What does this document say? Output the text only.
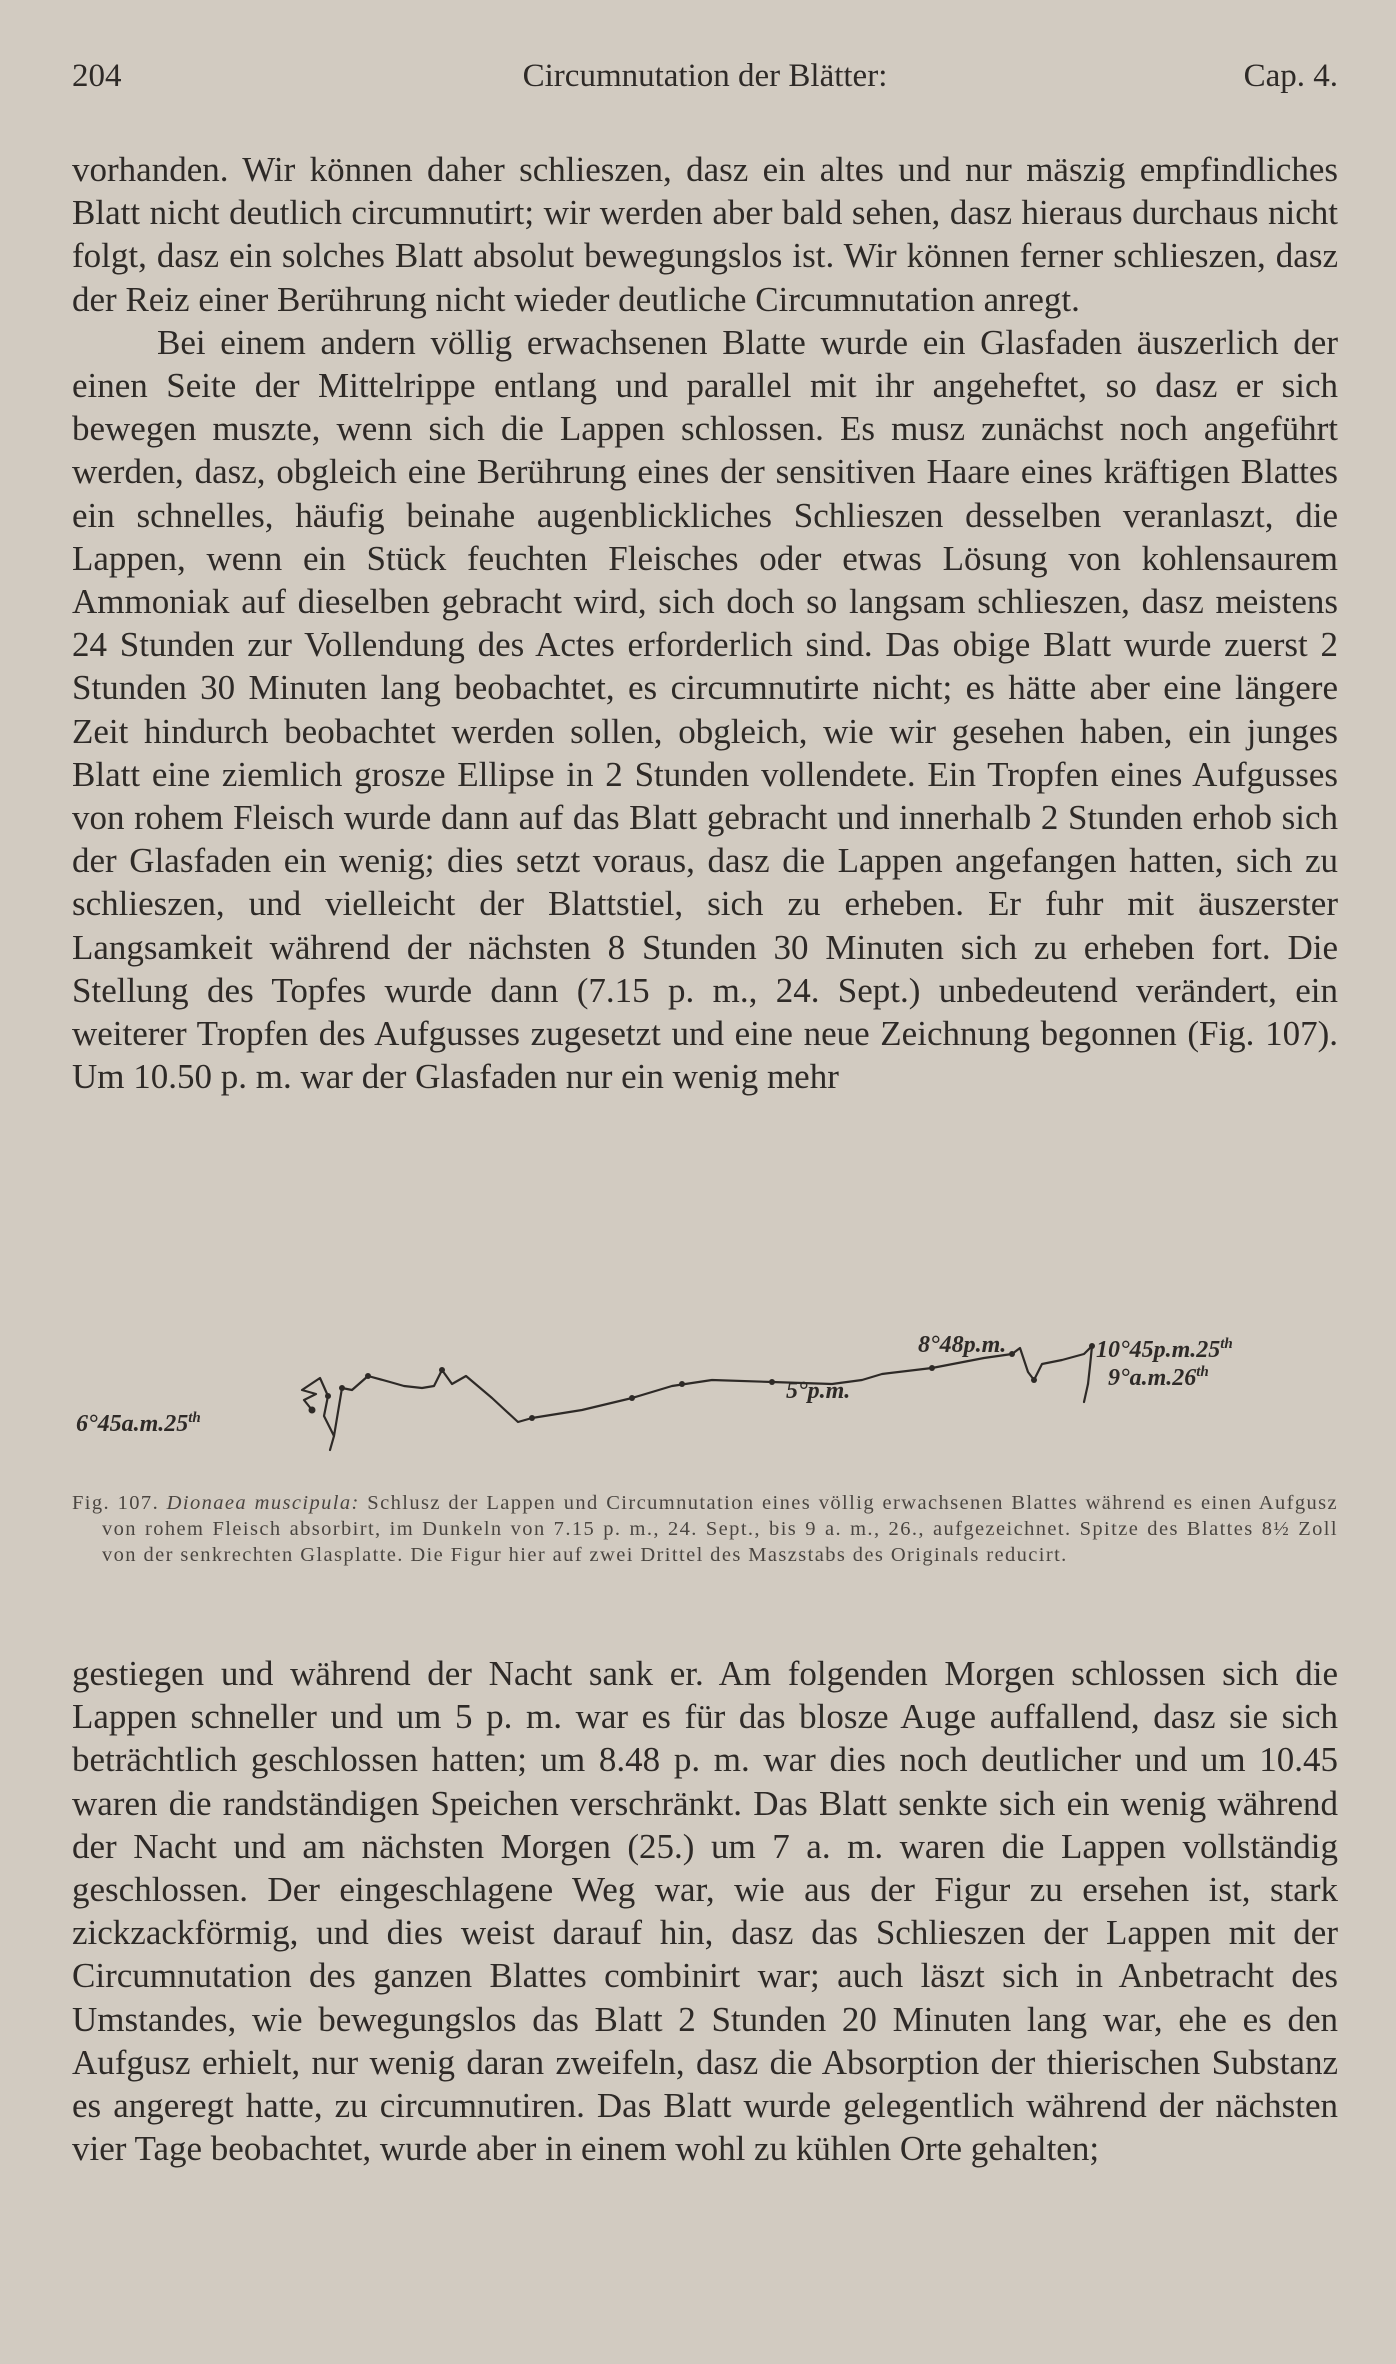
204	Circumnutation der Blätter:	Cap. 4.

vorhanden. Wir können daher schlieszen, dasz ein altes und nur mäszig empfindliches Blatt nicht deutlich circumnutirt; wir werden aber bald sehen, dasz hieraus durchaus nicht folgt, dasz ein solches Blatt absolut bewegungslos ist. Wir können ferner schlieszen, dasz der Reiz einer Berührung nicht wieder deutliche Circumnutation anregt.

Bei einem andern völlig erwachsenen Blatte wurde ein Glasfaden äuszerlich der einen Seite der Mittelrippe entlang und parallel mit ihr angeheftet, so dasz er sich bewegen muszte, wenn sich die Lappen schlossen. Es musz zunächst noch angeführt werden, dasz, obgleich eine Berührung eines der sensitiven Haare eines kräftigen Blattes ein schnelles, häufig beinahe augenblickliches Schlieszen desselben veranlaszt, die Lappen, wenn ein Stück feuchten Fleisches oder etwas Lösung von kohlensaurem Ammoniak auf dieselben gebracht wird, sich doch so langsam schlieszen, dasz meistens 24 Stunden zur Vollendung des Actes erforderlich sind. Das obige Blatt wurde zuerst 2 Stunden 30 Minuten lang beobachtet, es circumnutirte nicht; es hätte aber eine längere Zeit hindurch beobachtet werden sollen, obgleich, wie wir gesehen haben, ein junges Blatt eine ziemlich grosze Ellipse in 2 Stunden vollendete. Ein Tropfen eines Aufgusses von rohem Fleisch wurde dann auf das Blatt gebracht und innerhalb 2 Stunden erhob sich der Glasfaden ein wenig; dies setzt voraus, dasz die Lappen angefangen hatten, sich zu schlieszen, und vielleicht der Blattstiel, sich zu erheben. Er fuhr mit äuszerster Langsamkeit während der nächsten 8 Stunden 30 Minuten sich zu erheben fort. Die Stellung des Topfes wurde dann (7.15 p. m., 24. Sept.) unbedeutend verändert, ein weiterer Tropfen des Aufgusses zugesetzt und eine neue Zeichnung begonnen (Fig. 107). Um 10.50 p. m. war der Glasfaden nur ein wenig mehr

6°45a.m.25th
5°p.m.
8°48p.m.	10°45p.m.25th
9°a.m.26th
Fig. 107. Dionaea muscipula: Schlusz der Lappen und Circumnutation eines völlig erwachsenen Blattes während es einen Aufgusz von rohem Fleisch absorbirt, im Dunkeln von 7.15 p. m., 24. Sept., bis 9 a. m., 26., aufgezeichnet. Spitze des Blattes 8½ Zoll von der senkrechten Glasplatte. Die Figur hier auf zwei Drittel des Maszstabs des Originals reducirt.

gestiegen und während der Nacht sank er. Am folgenden Morgen schlossen sich die Lappen schneller und um 5 p. m. war es für das blosze Auge auffallend, dasz sie sich beträchtlich geschlossen hatten; um 8.48 p. m. war dies noch deutlicher und um 10.45 waren die randständigen Speichen verschränkt. Das Blatt senkte sich ein wenig während der Nacht und am nächsten Morgen (25.) um 7 a. m. waren die Lappen vollständig geschlossen. Der eingeschlagene Weg war, wie aus der Figur zu ersehen ist, stark zickzackförmig, und dies weist darauf hin, dasz das Schlieszen der Lappen mit der Circumnutation des ganzen Blattes combinirt war; auch läszt sich in Anbetracht des Umstandes, wie bewegungslos das Blatt 2 Stunden 20 Minuten lang war, ehe es den Aufgusz erhielt, nur wenig daran zweifeln, dasz die Absorption der thierischen Substanz es angeregt hatte, zu circumnutiren. Das Blatt wurde gelegentlich während der nächsten vier Tage beobachtet, wurde aber in einem wohl zu kühlen Orte gehalten;
